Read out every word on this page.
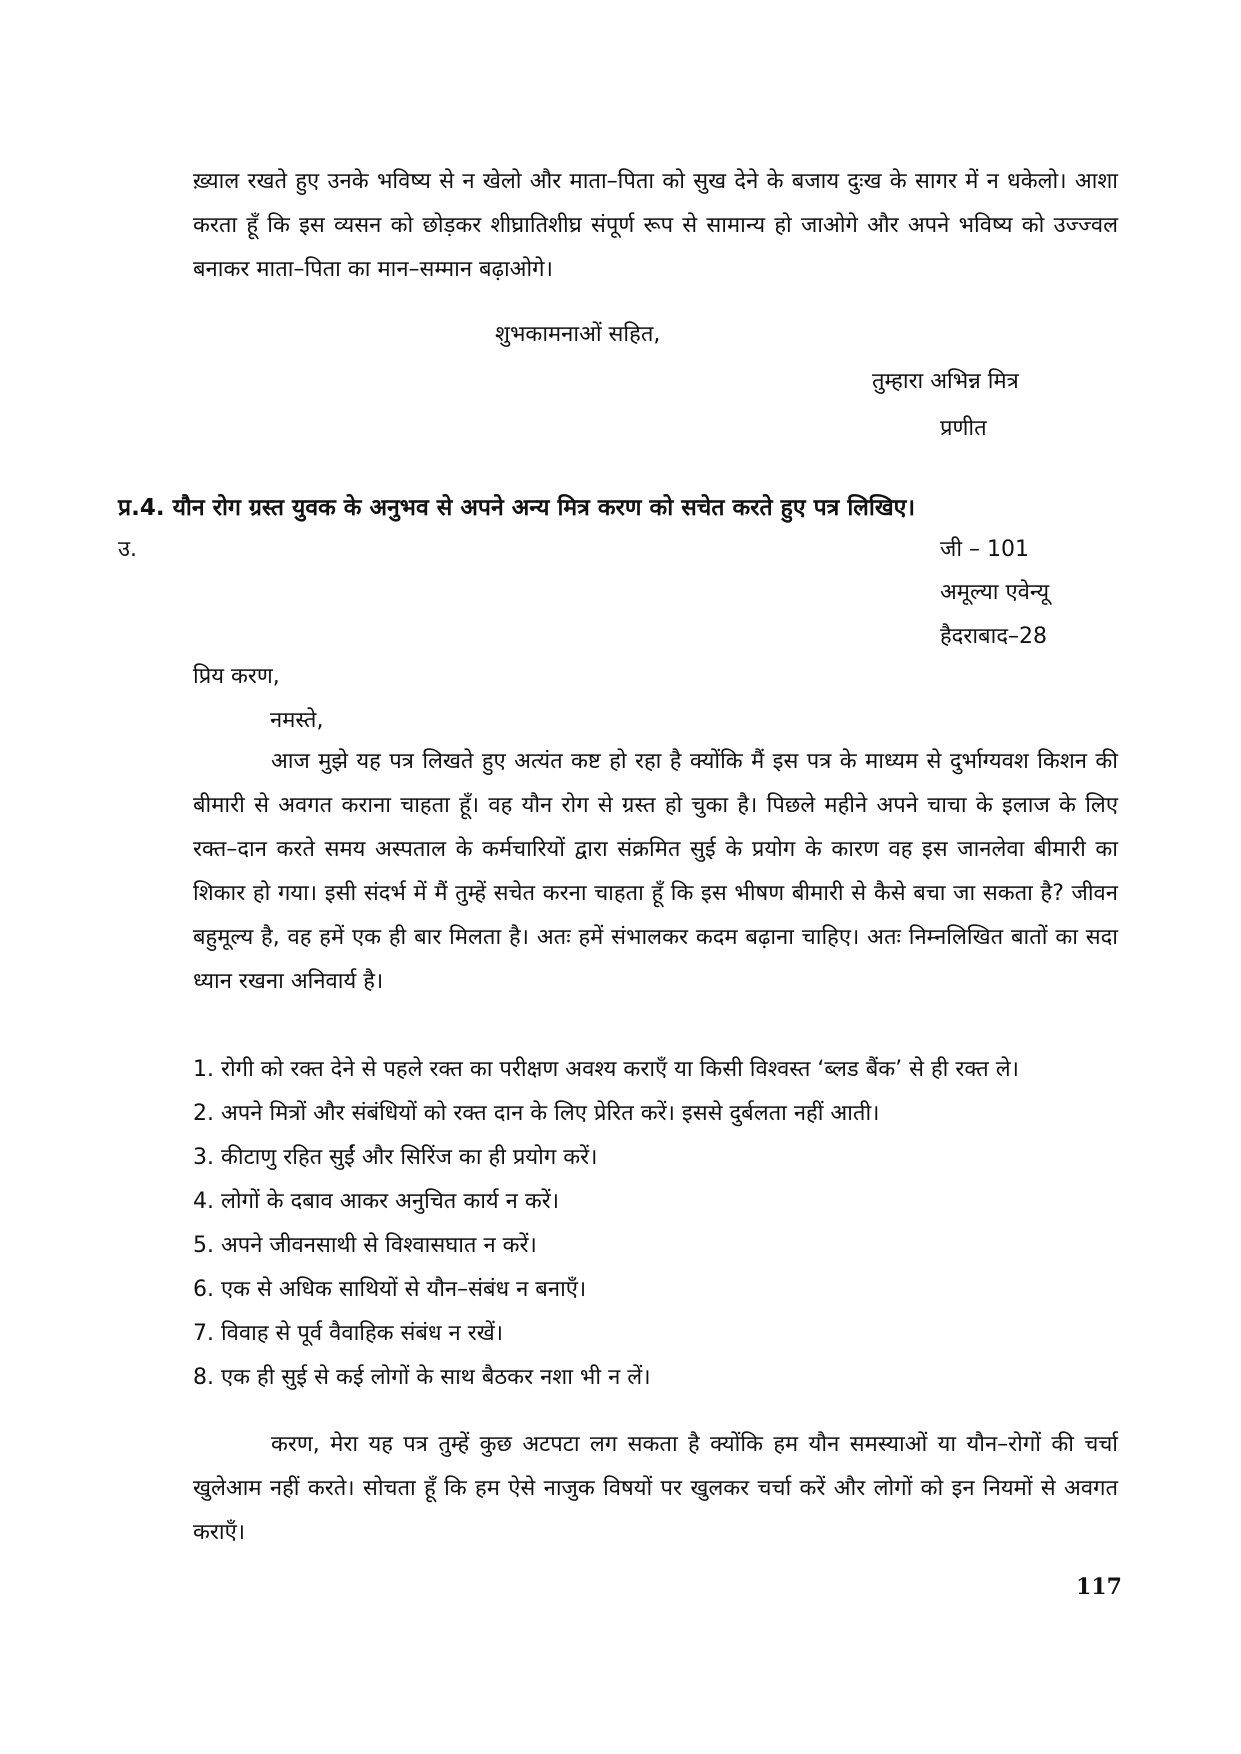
ख़्याल रखते हुए उनके भविष्य से न खेलो और माता–पिता को सुख देने के बजाय दुःख के सागर में न धकेलो। आशा करता हूँ कि इस व्यसन को छोड़कर शीघ्रातिशीघ्र संपूर्ण रूप से सामान्य हो जाओगे और अपने भविष्य को उज्ज्वल बनाकर माता–पिता का मान–सम्मान बढ़ाओगे।

शुभकामनाओं सहित,
तुम्हारा अभिन्न मित्र
प्रणीत
प्र.4. यौन रोग ग्रस्त युवक के अनुभव से अपने अन्य मित्र करण को सचेत करते हुए पत्र लिखिए।
उ.	जी – 101
अमूल्या एवेन्यू
हैदराबाद–28
प्रिय करण,
नमस्ते,

आज मुझे यह पत्र लिखते हुए अत्यंत कष्ट हो रहा है क्योंकि मैं इस पत्र के माध्यम से दुर्भाग्यवश किशन की बीमारी से अवगत कराना चाहता हूँ। वह यौन रोग से ग्रस्त हो चुका है। पिछले महीने अपने चाचा के इलाज के लिए रक्त–दान करते समय अस्पताल के कर्मचारियों द्वारा संक्रमित सुई के प्रयोग के कारण वह इस जानलेवा बीमारी का शिकार हो गया। इसी संदर्भ में मैं तुम्हें सचेत करना चाहता हूँ कि इस भीषण बीमारी से कैसे बचा जा सकता है? जीवन बहुमूल्य है, वह हमें एक ही बार मिलता है। अतः हमें संभालकर कदम बढ़ाना चाहिए। अतः निम्नलिखित बातों का सदा ध्यान रखना अनिवार्य है।

1. रोगी को रक्त देने से पहले रक्त का परीक्षण अवश्य कराएँ या किसी विश्वस्त ‘ब्लड बैंक’ से ही रक्त ले।
2. अपने मित्रों और संबंधियों को रक्त दान के लिए प्रेरित करें। इससे दुर्बलता नहीं आती।
3. कीटाणु रहित सुईं और सिरिंज का ही प्रयोग करें।
4. लोगों के दबाव आकर अनुचित कार्य न करें।
5. अपने जीवनसाथी से विश्वासघात न करें।
6. एक से अधिक साथियों से यौन–संबंध न बनाएँ।
7. विवाह से पूर्व वैवाहिक संबंध न रखें।
8. एक ही सुई से कई लोगों के साथ बैठकर नशा भी न लें।

करण, मेरा यह पत्र तुम्हें कुछ अटपटा लग सकता है क्योंकि हम यौन समस्याओं या यौन–रोगों की चर्चा खुलेआम नहीं करते। सोचता हूँ कि हम ऐसे नाजुक विषयों पर खुलकर चर्चा करें और लोगों को इन नियमों से अवगत कराएँ।

117
